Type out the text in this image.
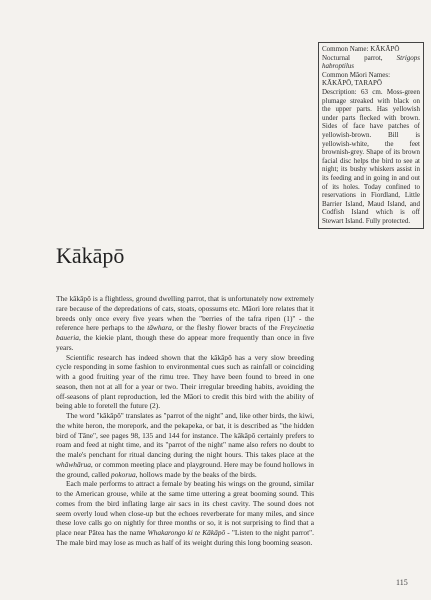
Common Name: KĀKĀPŌ

Nocturnal parrot, Strigops habroptilus

Common Māori Names:

KĀKĀPŌ, TARAPŌ

Description: 63 cm. Moss-green plumage streaked with black on the upper parts. Has yellowish under parts flecked with brown. Sides of face have patches of yellowish-brown. Bill is yellowish-white, the feet brownish-grey. Shape of its brown facial disc helps the bird to see at night; its bushy whiskers assist in its feeding and in going in and out of its holes. Today confined to reservations in Fiordland, Little Barrier Island, Maud Island, and Codfish Island which is off Stewart Island. Fully protected.

Kākāpō

The kākāpō is a flightless, ground dwelling parrot, that is unfortunately now extremely rare because of the depredations of cats, stoats, opossums etc. Māori lore relates that it breeds only once every five years when the "berries of the tafra ripen (1)" - the reference here perhaps to the tāwhara, or the fleshy flower bracts of the Freycinetia baueria, the kiekie plant, though these do appear more frequently than once in five years.

Scientific research has indeed shown that the kākāpō has a very slow breeding cycle responding in some fashion to environmental cues such as rainfall or coinciding with a good fruiting year of the rimu tree. They have been found to breed in one season, then not at all for a year or two. Their irregular breeding habits, avoiding the off-seasons of plant reproduction, led the Māori to credit this bird with the ability of being able to foretell the future (2).

The word "kākāpō" translates as "parrot of the night" and, like other birds, the kiwi, the white heron, the morepork, and the pekapeka, or bat, it is described as "the hidden bird of Tāne", see pages 98, 135 and 144 for instance. The kākāpō certainly prefers to roam and feed at night time, and its "parrot of the night" name also refers no doubt to the male's penchant for ritual dancing during the night hours. This takes place at the whāwhārua, or common meeting place and playground. Here may be found hollows in the ground, called pokorua, hollows made by the beaks of the birds.

Each male performs to attract a female by beating his wings on the ground, similar to the American grouse, while at the same time uttering a great booming sound. This comes from the bird inflating large air sacs in its chest cavity. The sound does not seem overly loud when close-up but the echoes reverberate for many miles, and since these love calls go on nightly for three months or so, it is not surprising to find that a place near Pātea has the name Whakarongo ki te Kākāpō - "Listen to the night parrot". The male bird may lose as much as half of its weight during this long booming season.

115
